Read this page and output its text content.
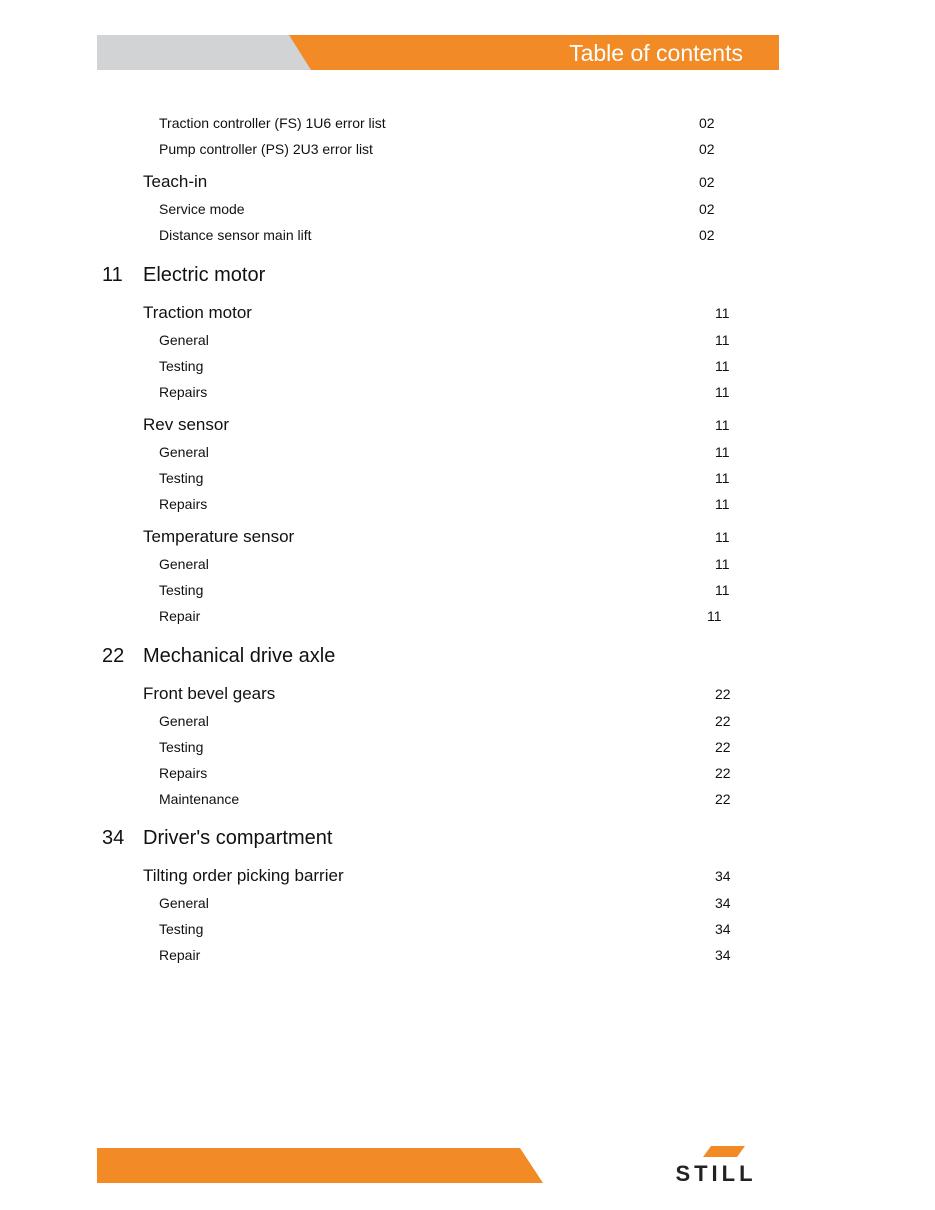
Table of contents
Traction controller (FS) 1U6 error list	02
Pump controller (PS) 2U3 error list	02
Teach-in	02
Service mode	02
Distance sensor main lift	02
11 Electric motor
Traction motor	11
General	11
Testing	11
Repairs	11
Rev sensor	11
General	11
Testing	11
Repairs	11
Temperature sensor	11
General	11
Testing	11
Repair	11
22 Mechanical drive axle
Front bevel gears	22
General	22
Testing	22
Repairs	22
Maintenance	22
34 Driver's compartment
Tilting order picking barrier	34
General	34
Testing	34
Repair	34
STILL
